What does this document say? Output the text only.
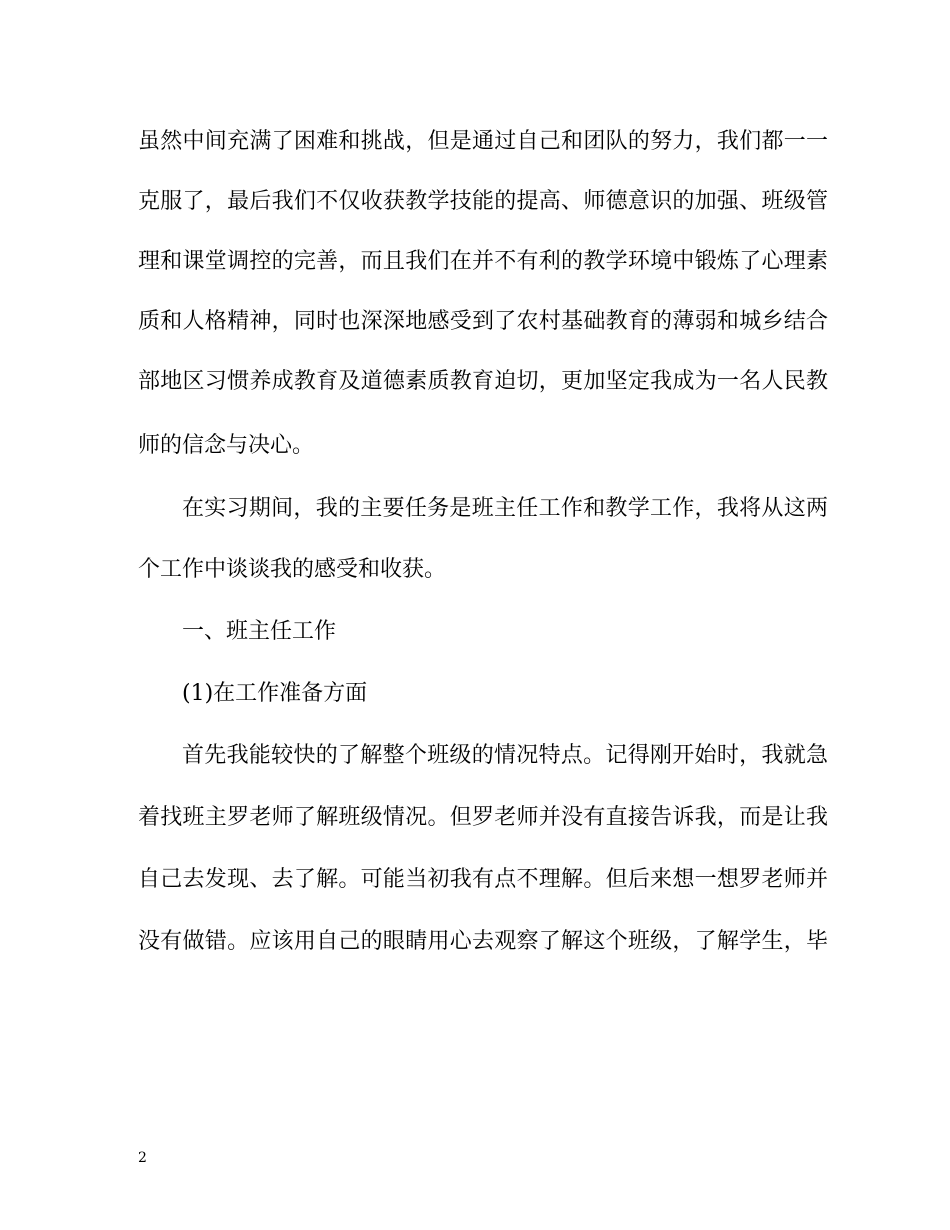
虽然中间充满了困难和挑战，但是通过自己和团队的努力，我们都一一
克服了，最后我们不仅收获教学技能的提高、师德意识的加强、班级管
理和课堂调控的完善，而且我们在并不有利的教学环境中锻炼了心理素
质和人格精神，同时也深深地感受到了农村基础教育的薄弱和城乡结合
部地区习惯养成教育及道德素质教育迫切，更加坚定我成为一名人民教
师的信念与决心。
在实习期间，我的主要任务是班主任工作和教学工作，我将从这两
个工作中谈谈我的感受和收获。
一、班主任工作
(1)在工作准备方面
首先我能较快的了解整个班级的情况特点。记得刚开始时，我就急
着找班主罗老师了解班级情况。但罗老师并没有直接告诉我，而是让我
自己去发现、去了解。可能当初我有点不理解。但后来想一想罗老师并
没有做错。应该用自己的眼睛用心去观察了解这个班级，了解学生，毕
2
